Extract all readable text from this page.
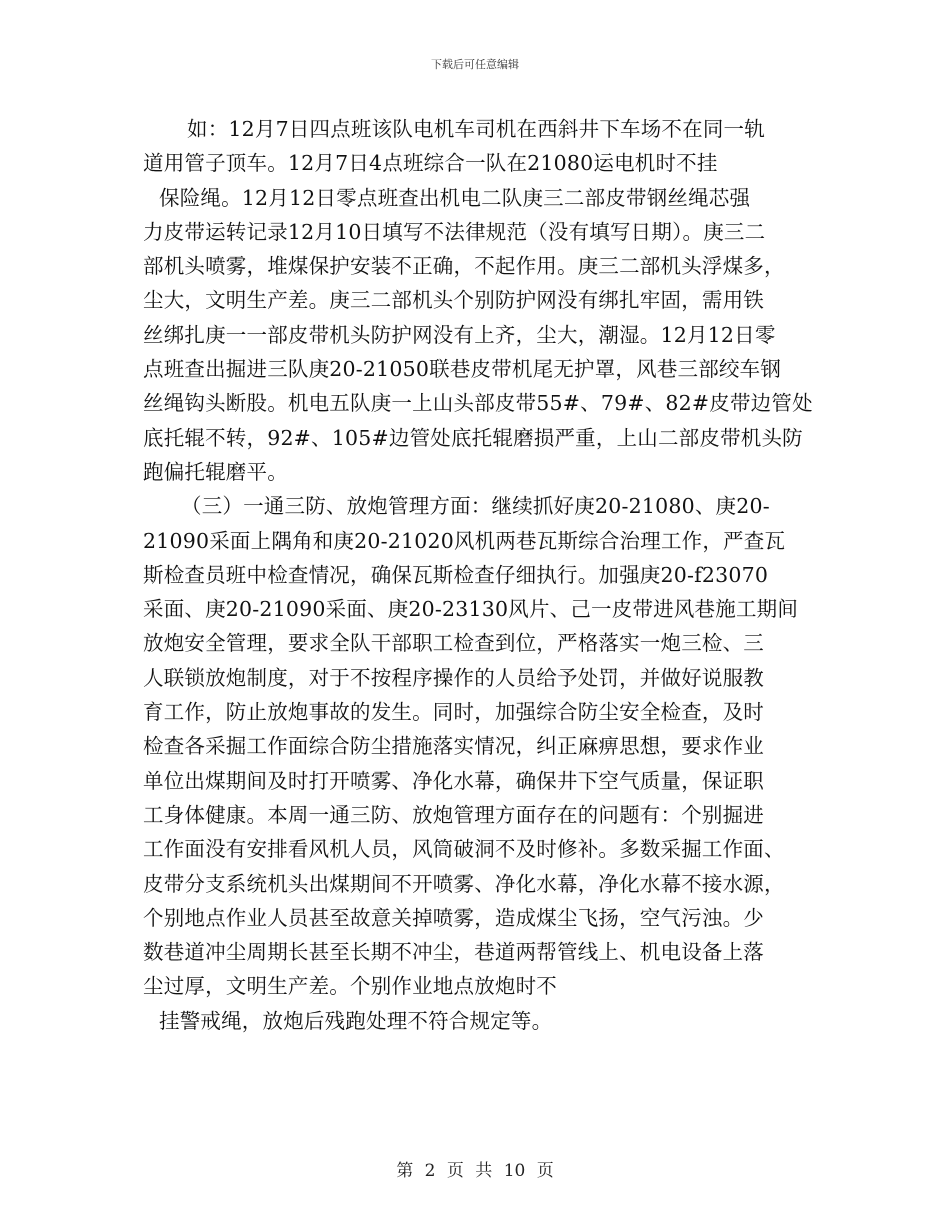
下载后可任意编辑
如：12月7日四点班该队电机车司机在西斜井下车场不在同一轨
道用管子顶车。12月7日4点班综合一队在21080运电机时不挂
保险绳。12月12日零点班查出机电二队庚三二部皮带钢丝绳芯强
力皮带运转记录12月10日填写不法律规范（没有填写日期）。庚三二
部机头喷雾，堆煤保护安装不正确，不起作用。庚三二部机头浮煤多，
尘大，文明生产差。庚三二部机头个别防护网没有绑扎牢固，需用铁
丝绑扎庚一一部皮带机头防护网没有上齐，尘大，潮湿。12月12日零
点班查出掘进三队庚20-21050联巷皮带机尾无护罩，风巷三部绞车钢
丝绳钩头断股。机电五队庚一上山头部皮带55#、79#、82#皮带边管处
底托辊不转，92#、105#边管处底托辊磨损严重，上山二部皮带机头防
跑偏托辊磨平。
（三）一通三防、放炮管理方面：继续抓好庚20-21080、庚20-
21090采面上隅角和庚20-21020风机两巷瓦斯综合治理工作，严查瓦
斯检查员班中检查情况，确保瓦斯检查仔细执行。加强庚20-f23070
采面、庚20-21090采面、庚20-23130风片、己一皮带进风巷施工期间
放炮安全管理，要求全队干部职工检查到位，严格落实一炮三检、三
人联锁放炮制度，对于不按程序操作的人员给予处罚，并做好说服教
育工作，防止放炮事故的发生。同时，加强综合防尘安全检查，及时
检查各采掘工作面综合防尘措施落实情况，纠正麻痹思想，要求作业
单位出煤期间及时打开喷雾、净化水幕，确保井下空气质量，保证职
工身体健康。本周一通三防、放炮管理方面存在的问题有：个别掘进
工作面没有安排看风机人员，风筒破洞不及时修补。多数采掘工作面、
皮带分支系统机头出煤期间不开喷雾、净化水幕，净化水幕不接水源，
个别地点作业人员甚至故意关掉喷雾，造成煤尘飞扬，空气污浊。少
数巷道冲尘周期长甚至长期不冲尘，巷道两帮管线上、机电设备上落
尘过厚，文明生产差。个别作业地点放炮时不
挂警戒绳，放炮后残跑处理不符合规定等。
第 2 页 共 10 页
